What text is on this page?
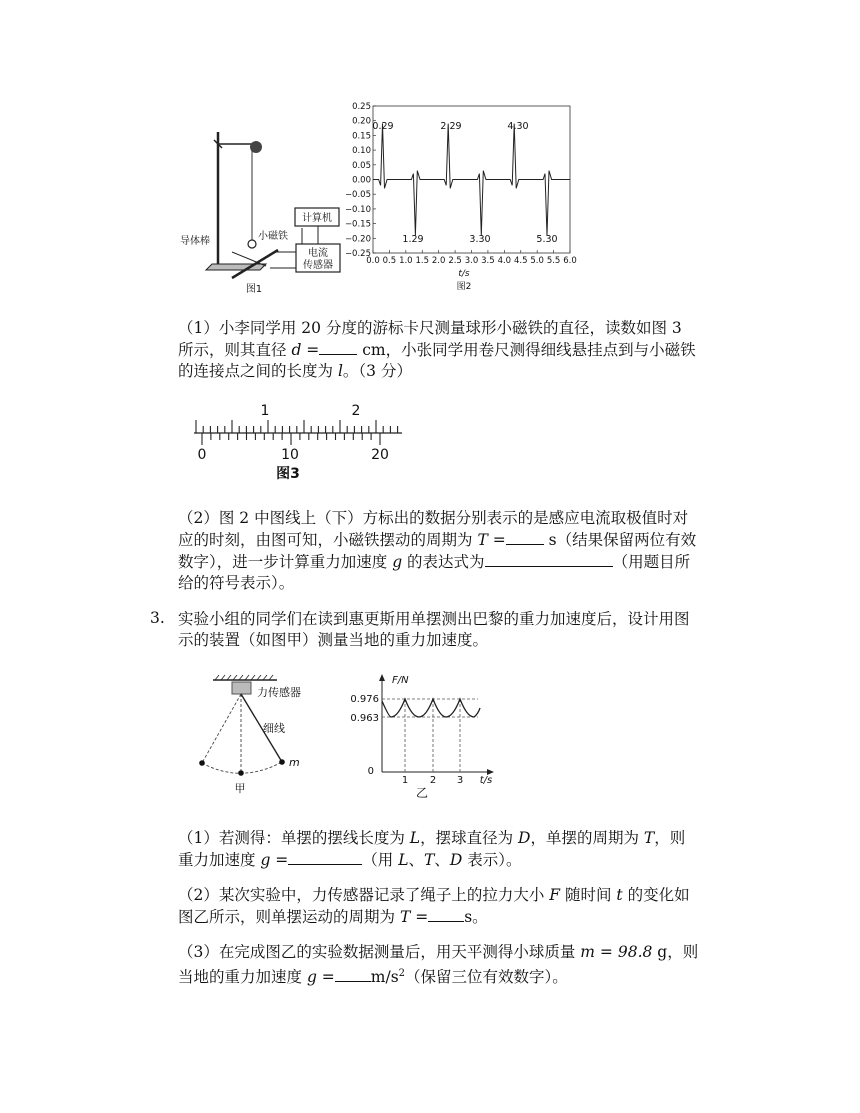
计算机
电流
传感器
导体棒	小磁铁
图1
0.25
0.20
0.15
0.10
0.05
0.00
−0.05
−0.10
−0.15
−0.20
−0.25
0.0 0.5 1.0 1.5 2.0 2.5 3.0 3.5 4.0 4.5 5.0 5.5 6.0
t/s
图2
0.29	2.29	4.30
1.29	3.30	5.30
（1）小李同学用 20 分度的游标卡尺测量球形小磁铁的直径，读数如图 3
所示，则其直径 d = cm，小张同学用卷尺测得细线悬挂点到与小磁铁
的连接点之间的长度为 l。（3 分）
1	2
0	10	20
图3
（2）图 2 中图线上（下）方标出的数据分别表示的是感应电流取极值时对
应的时刻，由图可知，小磁铁摆动的周期为 T = s（结果保留两位有效
数字），进一步计算重力加速度 g 的表达式为	（用题目所
给的符号表示）。
3. 实验小组的同学们在读到惠更斯用单摆测出巴黎的重力加速度后，设计用图
示的装置（如图甲）测量当地的重力加速度。
力传感器
细线
m
甲
F/N
0.976
0.963
0
1 2 3 t/s
乙
（1）若测得：单摆的摆线长度为 L，摆球直径为 D，单摆的周期为 T，则
重力加速度 g =	（用 L、T、D 表示）。
（2）某次实验中，力传感器记录了绳子上的拉力大小 F 随时间 t 的变化如
图乙所示，则单摆运动的周期为 T = s。
（3）在完成图乙的实验数据测量后，用天平测得小球质量 m = 98.8 g，则
当地的重力加速度 $g = m/s^2$（保留三位有效数字）。
